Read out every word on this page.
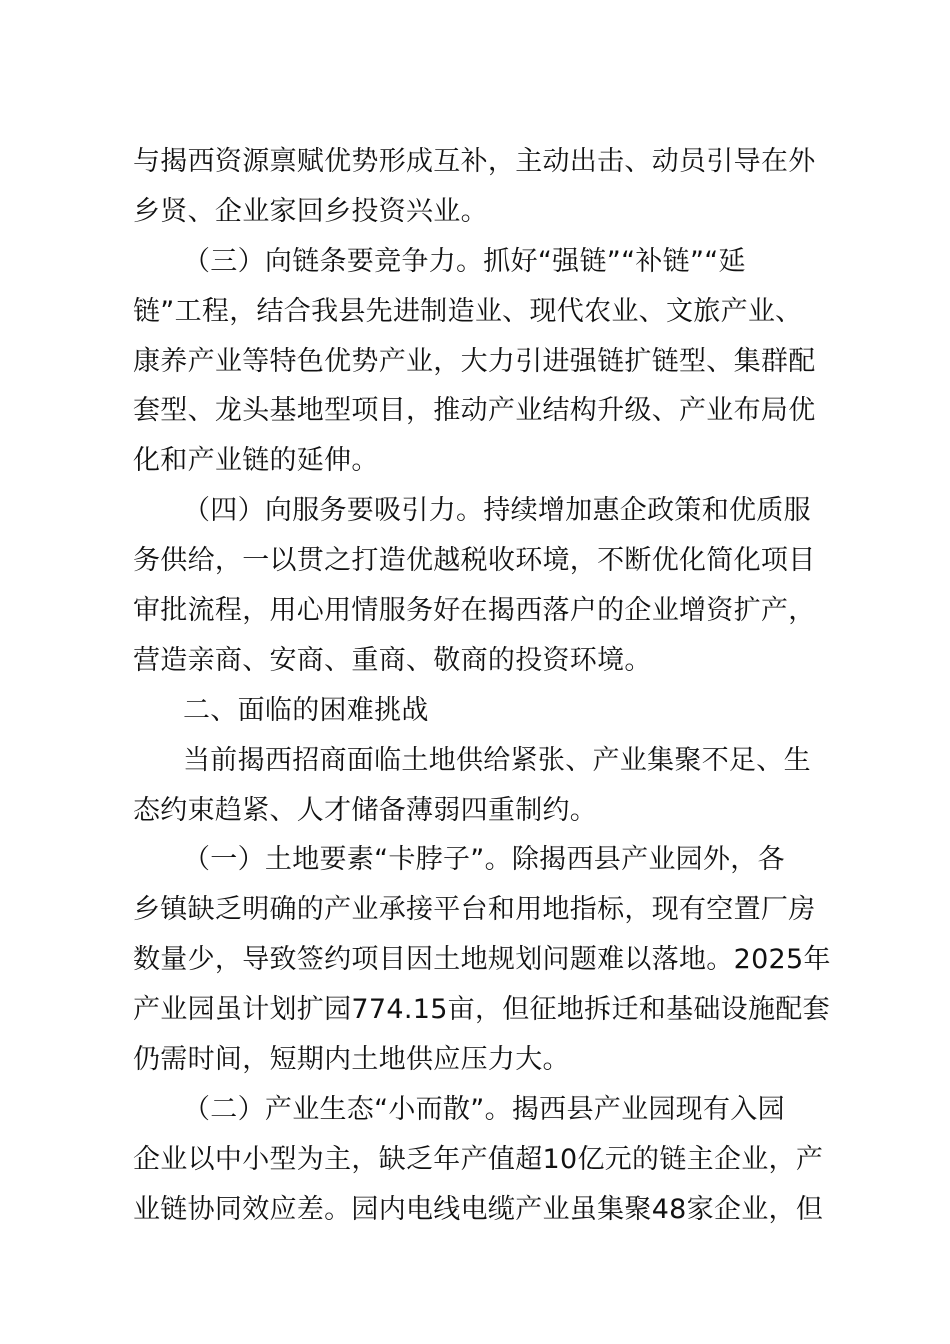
与揭西资源禀赋优势形成互补，主动出击、动员引导在外
乡贤、企业家回乡投资兴业。
（三）向链条要竞争力。抓好“强链”“补链”“延
链”工程，结合我县先进制造业、现代农业、文旅产业、
康养产业等特色优势产业，大力引进强链扩链型、集群配
套型、龙头基地型项目，推动产业结构升级、产业布局优
化和产业链的延伸。
（四）向服务要吸引力。持续增加惠企政策和优质服
务供给，一以贯之打造优越税收环境，不断优化简化项目
审批流程，用心用情服务好在揭西落户的企业增资扩产，
营造亲商、安商、重商、敬商的投资环境。
二、面临的困难挑战
当前揭西招商面临土地供给紧张、产业集聚不足、生
态约束趋紧、人才储备薄弱四重制约。
（一）土地要素“卡脖子”。除揭西县产业园外，各
乡镇缺乏明确的产业承接平台和用地指标，现有空置厂房
数量少，导致签约项目因土地规划问题难以落地。2025年
产业园虽计划扩园774.15亩，但征地拆迁和基础设施配套
仍需时间，短期内土地供应压力大。
（二）产业生态“小而散”。揭西县产业园现有入园
企业以中小型为主，缺乏年产值超10亿元的链主企业，产
业链协同效应差。园内电线电缆产业虽集聚48家企业，但
